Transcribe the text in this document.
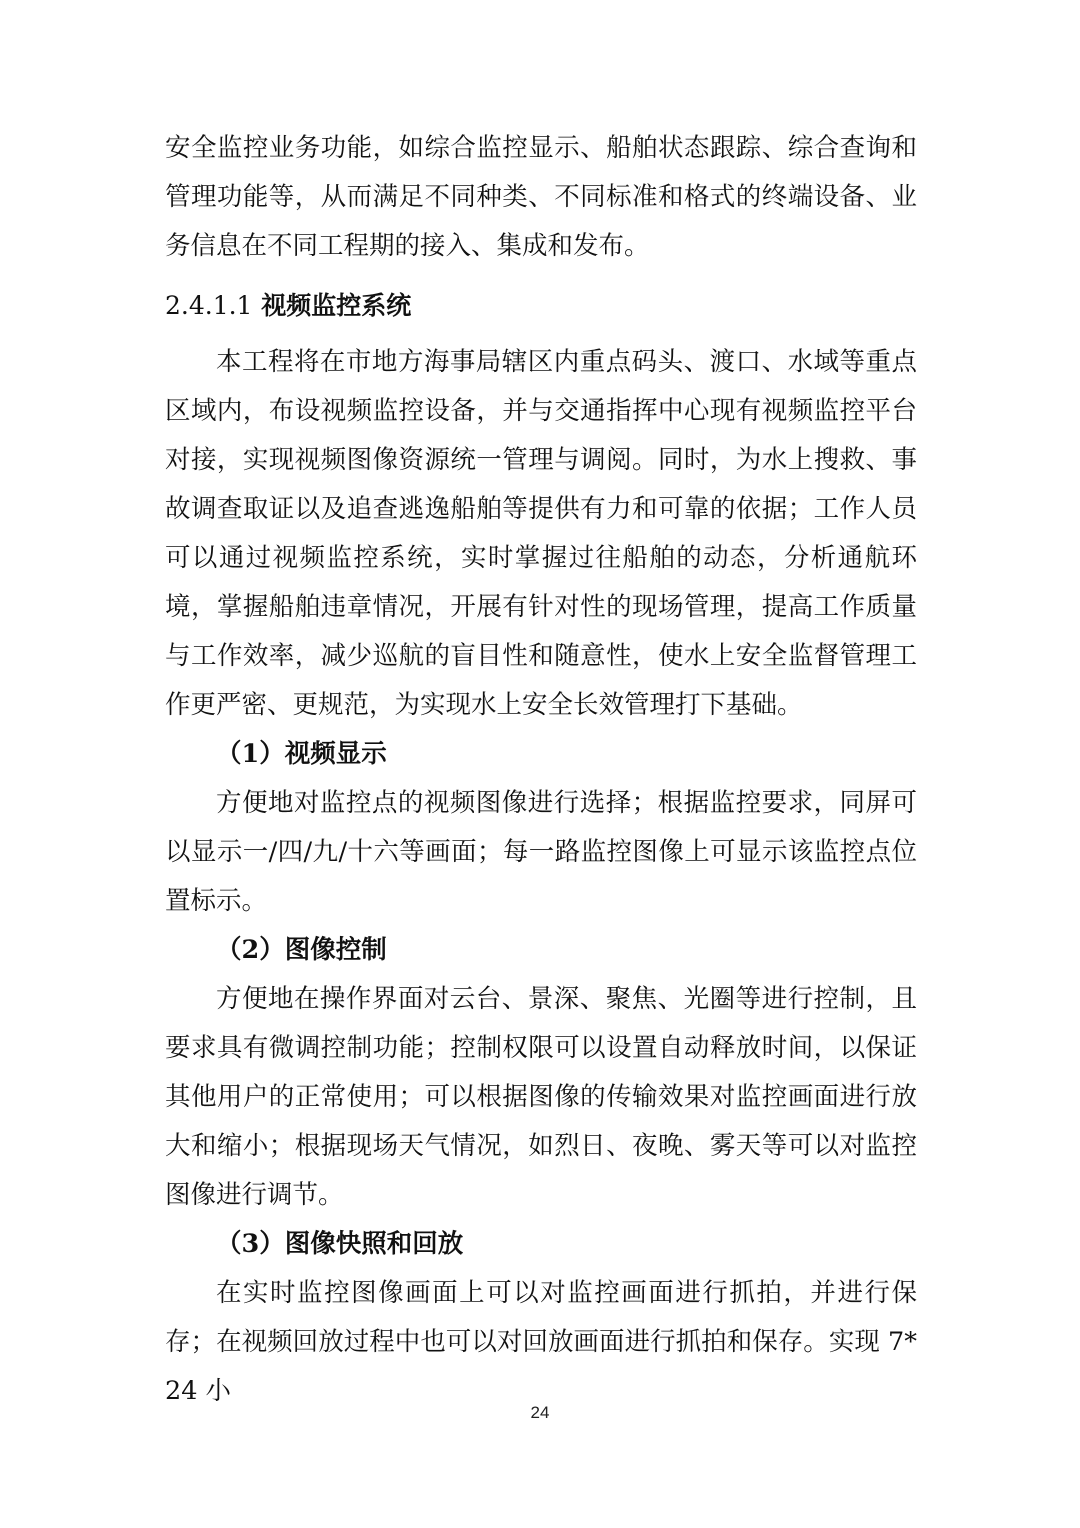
安全监控业务功能，如综合监控显示、船舶状态跟踪、综合查询和管理功能等，从而满足不同种类、不同标准和格式的终端设备、业务信息在不同工程期的接入、集成和发布。

2.4.1.1 视频监控系统

本工程将在市地方海事局辖区内重点码头、渡口、水域等重点区域内，布设视频监控设备，并与交通指挥中心现有视频监控平台对接，实现视频图像资源统一管理与调阅。同时，为水上搜救、事故调查取证以及追查逃逸船舶等提供有力和可靠的依据；工作人员可以通过视频监控系统，实时掌握过往船舶的动态，分析通航环境，掌握船舶违章情况，开展有针对性的现场管理，提高工作质量与工作效率，减少巡航的盲目性和随意性，使水上安全监督管理工作更严密、更规范，为实现水上安全长效管理打下基础。

（1）视频显示

方便地对监控点的视频图像进行选择；根据监控要求，同屏可以显示一/四/九/十六等画面；每一路监控图像上可显示该监控点位置标示。

（2）图像控制

方便地在操作界面对云台、景深、聚焦、光圈等进行控制，且要求具有微调控制功能；控制权限可以设置自动释放时间，以保证其他用户的正常使用；可以根据图像的传输效果对监控画面进行放大和缩小；根据现场天气情况，如烈日、夜晚、雾天等可以对监控图像进行调节。

（3）图像快照和回放

在实时监控图像画面上可以对监控画面进行抓拍，并进行保存；在视频回放过程中也可以对回放画面进行抓拍和保存。实现 7*24 小

24
